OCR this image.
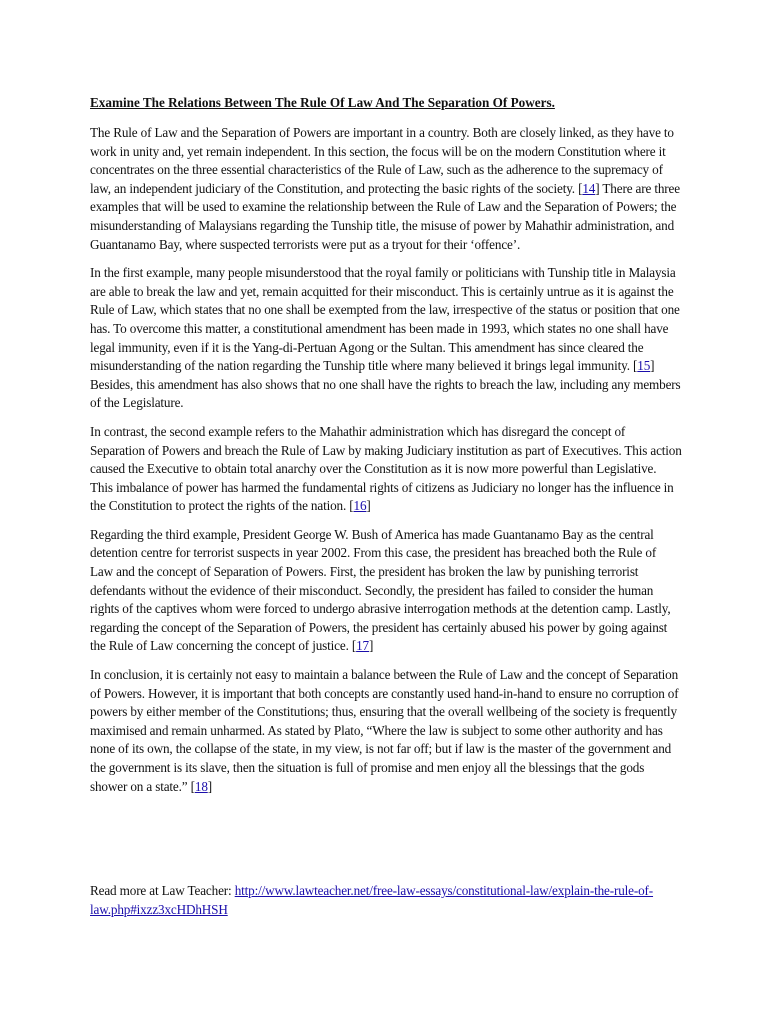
Examine The Relations Between The Rule Of Law And The Separation Of Powers.

The Rule of Law and the Separation of Powers are important in a country. Both are closely linked, as they have to work in unity and, yet remain independent. In this section, the focus will be on the modern Constitution where it concentrates on the three essential characteristics of the Rule of Law, such as the adherence to the supremacy of law, an independent judiciary of the Constitution, and protecting the basic rights of the society. [14] There are three examples that will be used to examine the relationship between the Rule of Law and the Separation of Powers; the misunderstanding of Malaysians regarding the Tunship title, the misuse of power by Mahathir administration, and Guantanamo Bay, where suspected terrorists were put as a tryout for their ‘offence’.

In the first example, many people misunderstood that the royal family or politicians with Tunship title in Malaysia are able to break the law and yet, remain acquitted for their misconduct. This is certainly untrue as it is against the Rule of Law, which states that no one shall be exempted from the law, irrespective of the status or position that one has. To overcome this matter, a constitutional amendment has been made in 1993, which states no one shall have legal immunity, even if it is the Yang-di-Pertuan Agong or the Sultan. This amendment has since cleared the misunderstanding of the nation regarding the Tunship title where many believed it brings legal immunity. [15] Besides, this amendment has also shows that no one shall have the rights to breach the law, including any members of the Legislature.

In contrast, the second example refers to the Mahathir administration which has disregard the concept of Separation of Powers and breach the Rule of Law by making Judiciary institution as part of Executives. This action caused the Executive to obtain total anarchy over the Constitution as it is now more powerful than Legislative. This imbalance of power has harmed the fundamental rights of citizens as Judiciary no longer has the influence in the Constitution to protect the rights of the nation. [16]

Regarding the third example, President George W. Bush of America has made Guantanamo Bay as the central detention centre for terrorist suspects in year 2002. From this case, the president has breached both the Rule of Law and the concept of Separation of Powers. First, the president has broken the law by punishing terrorist defendants without the evidence of their misconduct. Secondly, the president has failed to consider the human rights of the captives whom were forced to undergo abrasive interrogation methods at the detention camp. Lastly, regarding the concept of the Separation of Powers, the president has certainly abused his power by going against the Rule of Law concerning the concept of justice. [17]

In conclusion, it is certainly not easy to maintain a balance between the Rule of Law and the concept of Separation of Powers. However, it is important that both concepts are constantly used hand-in-hand to ensure no corruption of powers by either member of the Constitutions; thus, ensuring that the overall wellbeing of the society is frequently maximised and remain unharmed. As stated by Plato, “Where the law is subject to some other authority and has none of its own, the collapse of the state, in my view, is not far off; but if law is the master of the government and the government is its slave, then the situation is full of promise and men enjoy all the blessings that the gods shower on a state.” [18]

Read more at Law Teacher: http://www.lawteacher.net/free-law-essays/constitutional-law/explain-the-rule-of-law.php#ixzz3xcHDhHSH
